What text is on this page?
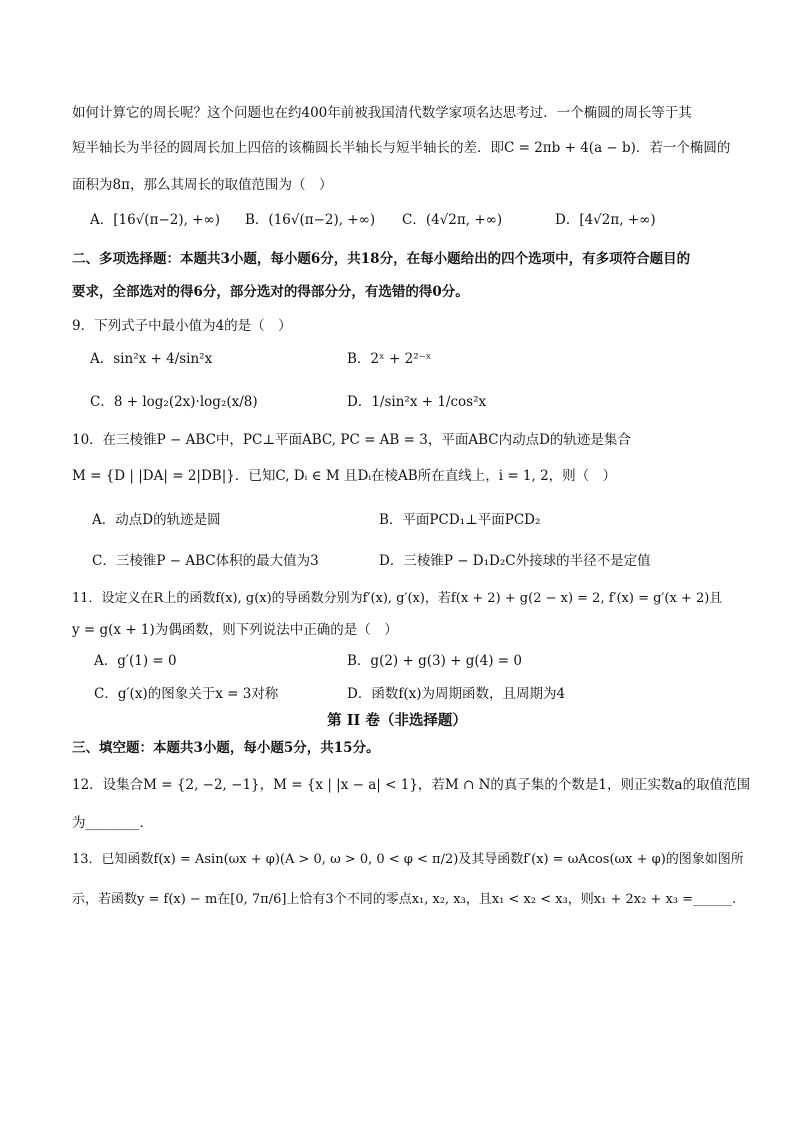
如何计算它的周长呢？这个问题也在约400年前被我国清代数学家项名达思考过．一个椭圆的周长等于其
短半轴长为半径的圆周长加上四倍的该椭圆长半轴长与短半轴长的差．即C = 2πb + 4(a − b)．若一个椭圆的
面积为8π，那么其周长的取值范围为（　）
A．[16√(π−2), +∞) B．(16√(π−2), +∞) C．(4√2π, +∞)	D．[4√2π, +∞)
二、多项选择题：本题共3小题，每小题6分，共18分，在每小题给出的四个选项中，有多项符合题目的
要求，全部选对的得6分，部分选对的得部分分，有选错的得0分。
9．下列式子中最小值为4的是（　）
A．sin²x + 4/sin²x	B．2ˣ + 2²⁻ˣ
C．8 + log₂(2x)·log₂(x/8)	D．1/sin²x + 1/cos²x
10．在三棱锥P − ABC中，PC⊥平面ABC, PC = AB = 3，平面ABC内动点D的轨迹是集合
M = {D | |DA| = 2|DB|}．已知C, Dᵢ ∈ M 且Dᵢ在棱AB所在直线上，i = 1, 2，则（　）
A．动点D的轨迹是圆	B．平面PCD₁⊥平面PCD₂
C．三棱锥P − ABC体积的最大值为3	D．三棱锥P − D₁D₂C外接球的半径不是定值
11．设定义在R上的函数f(x), g(x)的导函数分别为f′(x), g′(x)，若f(x + 2) + g(2 − x) = 2, f′(x) = g′(x + 2)且
y = g(x + 1)为偶函数，则下列说法中正确的是（　）
A．g′(1) = 0	B．g(2) + g(3) + g(4) = 0
C．g′(x)的图象关于x = 3对称	D．函数f(x)为周期函数，且周期为4
第 II 卷（非选择题）
三、填空题：本题共3小题，每小题5分，共15分。
12．设集合M = {2, −2, −1}，M = {x | |x − a| < 1}，若M ∩ N的真子集的个数是1，则正实数a的取值范围
为________．
13．已知函数f(x) = Asin(ωx + φ)(A > 0, ω > 0, 0 < φ < π/2)及其导函数f′(x) = ωAcos(ωx + φ)的图象如图所
示，若函数y = f(x) − m在[0, 7π/6]上恰有3个不同的零点x₁, x₂, x₃，且x₁ < x₂ < x₃，则x₁ + 2x₂ + x₃ =______.
